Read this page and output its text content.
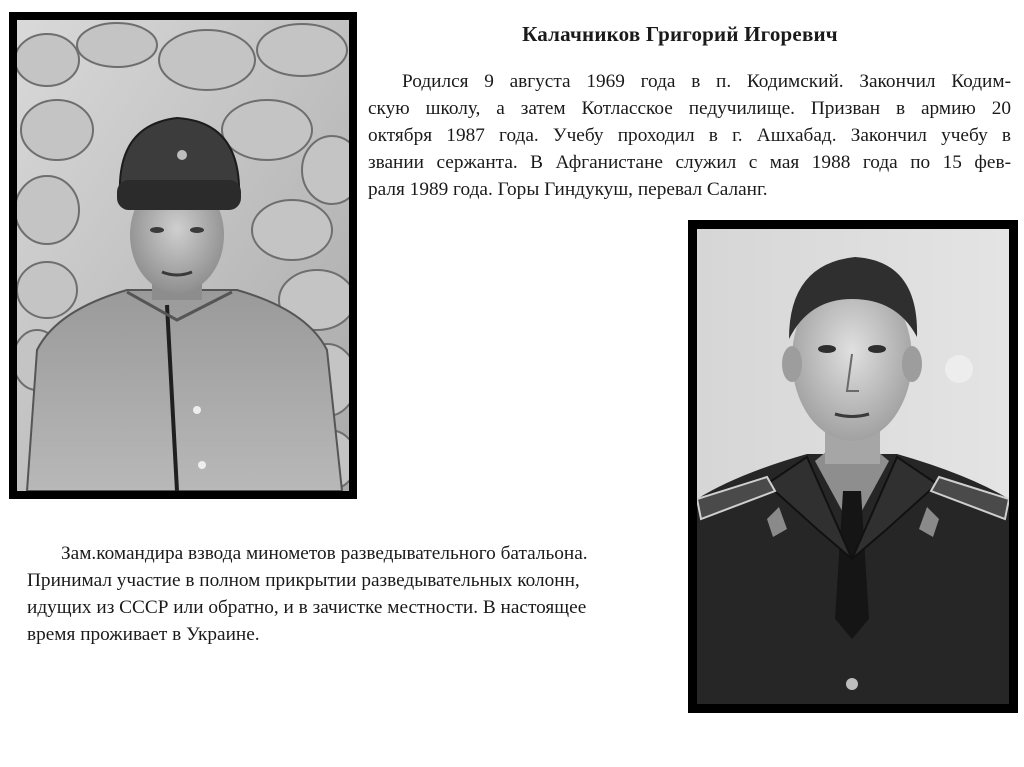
Калачников Григорий Игоревич
Родился 9 августа 1969 года в п. Кодимский. Закончил Кодим-
скую школу, а затем Котласское педучилище. Призван в армию 20
октября 1987 года. Учебу проходил в г. Ашхабад. Закончил учебу в
звании сержанта. В Афганистане служил с мая 1988 года по 15 фев-
раля 1989 года. Горы Гиндукуш, перевал Саланг.
Зам.командира взвода минометов разведывательного батальона.
Принимал участие в полном прикрытии разведывательных колонн,
идущих из СССР или обратно, и в зачистке местности. В настоящее
время проживает в Украине.
